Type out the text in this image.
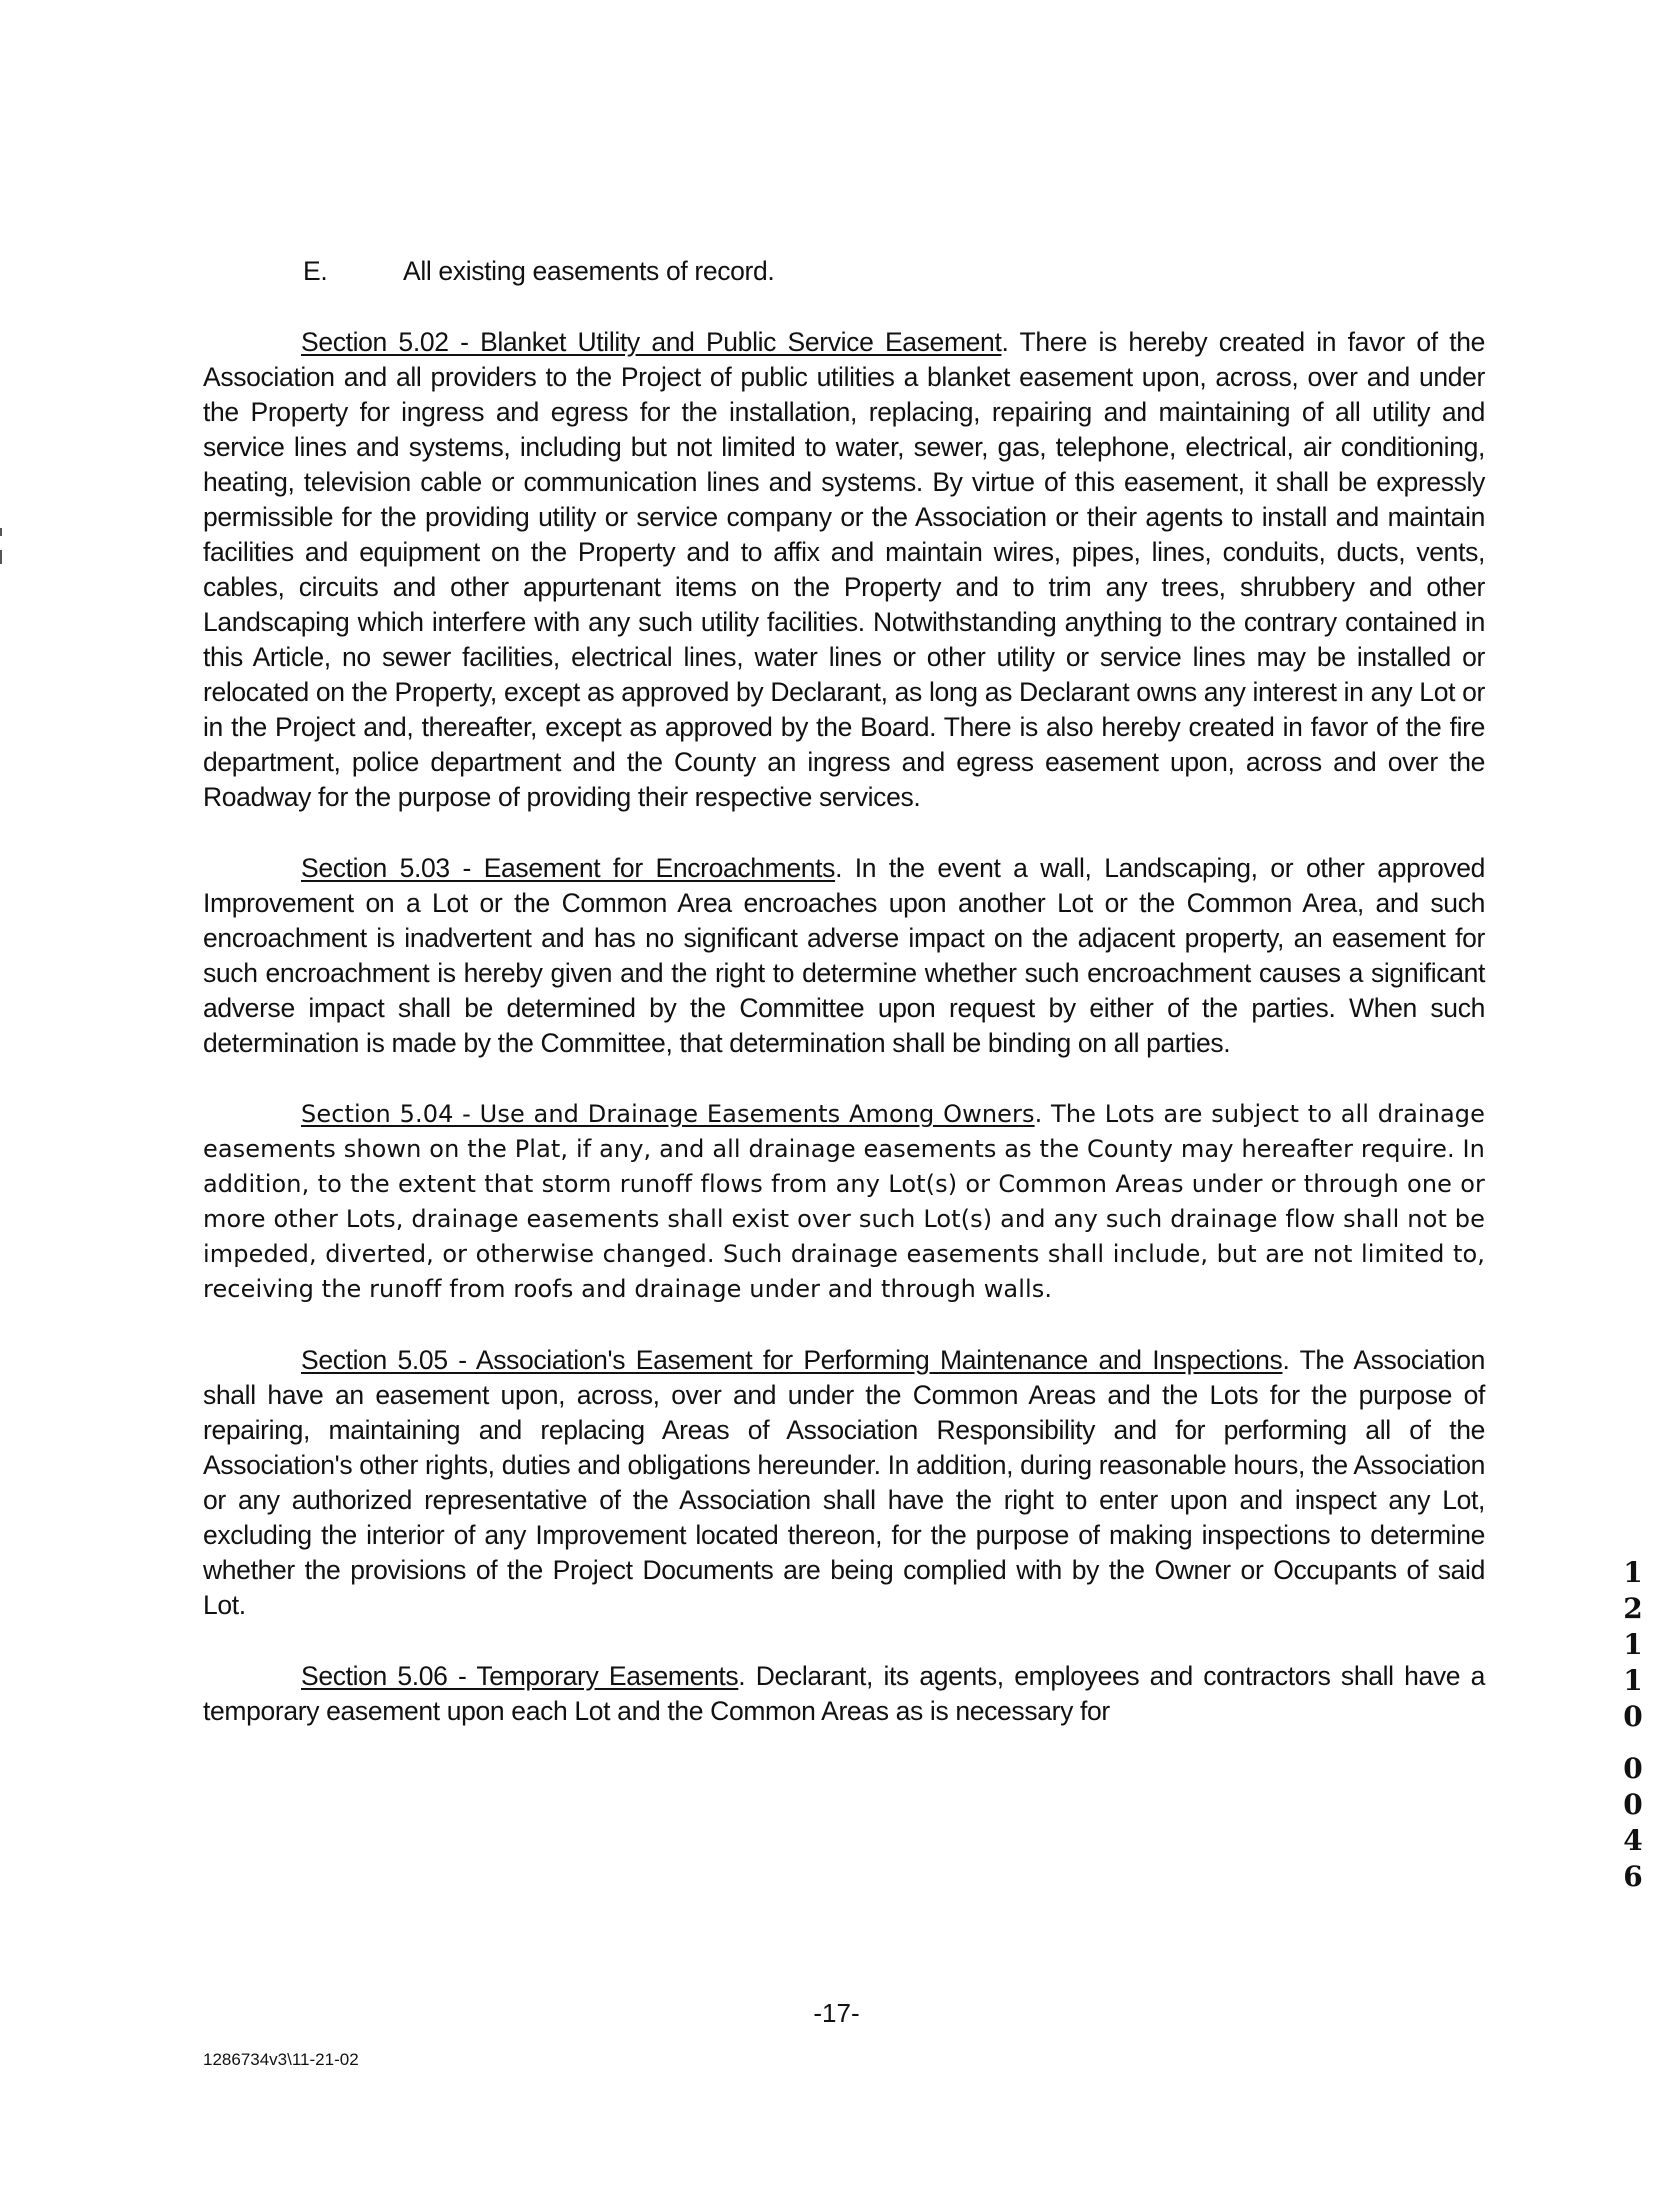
E.	All existing easements of record.

Section 5.02 - Blanket Utility and Public Service Easement. There is hereby created in favor of the Association and all providers to the Project of public utilities a blanket easement upon, across, over and under the Property for ingress and egress for the installation, replacing, repairing and maintaining of all utility and service lines and systems, including but not limited to water, sewer, gas, telephone, electrical, air conditioning, heating, television cable or communication lines and systems. By virtue of this easement, it shall be expressly permissible for the providing utility or service company or the Association or their agents to install and maintain facilities and equipment on the Property and to affix and maintain wires, pipes, lines, conduits, ducts, vents, cables, circuits and other appurtenant items on the Property and to trim any trees, shrubbery and other Landscaping which interfere with any such utility facilities. Notwithstanding anything to the contrary contained in this Article, no sewer facilities, electrical lines, water lines or other utility or service lines may be installed or relocated on the Property, except as approved by Declarant, as long as Declarant owns any interest in any Lot or in the Project and, thereafter, except as approved by the Board. There is also hereby created in favor of the fire department, police department and the County an ingress and egress easement upon, across and over the Roadway for the purpose of providing their respective services.

Section 5.03 - Easement for Encroachments. In the event a wall, Landscaping, or other approved Improvement on a Lot or the Common Area encroaches upon another Lot or the Common Area, and such encroachment is inadvertent and has no significant adverse impact on the adjacent property, an easement for such encroachment is hereby given and the right to determine whether such encroachment causes a significant adverse impact shall be determined by the Committee upon request by either of the parties. When such determination is made by the Committee, that determination shall be binding on all parties.

Section 5.04 - Use and Drainage Easements Among Owners. The Lots are subject to all drainage easements shown on the Plat, if any, and all drainage easements as the County may hereafter require. In addition, to the extent that storm runoff flows from any Lot(s) or Common Areas under or through one or more other Lots, drainage easements shall exist over such Lot(s) and any such drainage flow shall not be impeded, diverted, or otherwise changed. Such drainage easements shall include, but are not limited to, receiving the runoff from roofs and drainage under and through walls.

Section 5.05 - Association's Easement for Performing Maintenance and Inspections. The Association shall have an easement upon, across, over and under the Common Areas and the Lots for the purpose of repairing, maintaining and replacing Areas of Association Responsibility and for performing all of the Association's other rights, duties and obligations hereunder. In addition, during reasonable hours, the Association or any authorized representative of the Association shall have the right to enter upon and inspect any Lot, excluding the interior of any Improvement located thereon, for the purpose of making inspections to determine whether the provisions of the Project Documents are being complied with by the Owner or Occupants of said Lot.

Section 5.06 - Temporary Easements. Declarant, its agents, employees and contractors shall have a temporary easement upon each Lot and the Common Areas as is necessary for

-17-
1286734v3\11-21-02
1
2
1
1
0
0
0
4
6
